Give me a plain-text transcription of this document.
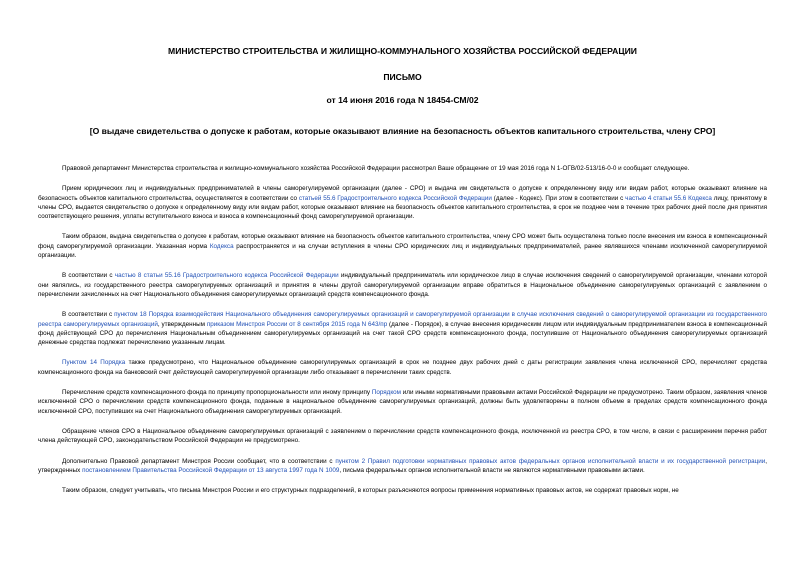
МИНИСТЕРСТВО СТРОИТЕЛЬСТВА И ЖИЛИЩНО-КОММУНАЛЬНОГО ХОЗЯЙСТВА РОССИЙСКОЙ ФЕДЕРАЦИИ
ПИСЬМО
от 14 июня 2016 года N 18454-СМ/02
[О выдаче свидетельства о допуске к работам, которые оказывают влияние на безопасность объектов капитального строительства, члену СРО]

Правовой департамент Министерства строительства и жилищно-коммунального хозяйства Российской Федерации рассмотрел Ваше обращение от 19 мая 2016 года N 1-ОГВ/02-513/16-0-0 и сообщает следующее.

Прием юридических лиц и индивидуальных предпринимателей в члены саморегулируемой организации (далее - СРО) и выдача им свидетельств о допуске к определенному виду или видам работ, которые оказывают влияние на безопасность объектов капитального строительства, осуществляется в соответствии со статьей 55.6 Градостроительного кодекса Российской Федерации (далее - Кодекс). При этом в соответствии с частью 4 статьи 55.6 Кодекса лицу, принятому в члены СРО, выдается свидетельство о допуске к определенному виду или видам работ, которые оказывают влияние на безопасность объектов капитального строительства, в срок не позднее чем в течение трех рабочих дней после дня принятия соответствующего решения, уплаты вступительного взноса и взноса в компенсационный фонд саморегулируемой организации.

Таким образом, выдача свидетельства о допуске к работам, которые оказывают влияние на безопасность объектов капитального строительства, члену СРО может быть осуществлена только после внесения им взноса в компенсационный фонд саморегулируемой организации. Указанная норма Кодекса распространяется и на случаи вступления в члены СРО юридических лиц и индивидуальных предпринимателей, ранее являвшихся членами исключенной саморегулируемой организации.

В соответствии с частью 8 статьи 55.16 Градостроительного кодекса Российской Федерации индивидуальный предприниматель или юридическое лицо в случае исключения сведений о саморегулируемой организации, членами которой они являлись, из государственного реестра саморегулируемых организаций и принятия в члены другой саморегулируемой организации вправе обратиться в Национальное объединение саморегулируемых организаций с заявлением о перечислении зачисленных на счет Национального объединения саморегулируемых организаций средств компенсационного фонда.

В соответствии с пунктом 18 Порядка взаимодействия Национального объединения саморегулируемых организаций и саморегулируемой организации в случае исключения сведений о саморегулируемой организации из государственного реестра саморегулируемых организаций, утвержденным приказом Минстроя России от 8 сентября 2015 года N 643/пр (далее - Порядок), в случае внесения юридическим лицом или индивидуальным предпринимателем взноса в компенсационный фонд действующей СРО до перечисления Национальным объединением саморегулируемых организаций на счет такой СРО средств компенсационного фонда, поступившие от Национального объединения саморегулируемых организаций денежные средства подлежат перечислению указанным лицам.

Пунктом 14 Порядка также предусмотрено, что Национальное объединение саморегулируемых организаций в срок не позднее двух рабочих дней с даты регистрации заявления члена исключенной СРО, перечисляет средства компенсационного фонда на банковский счет действующей саморегулируемой организации либо отказывает в перечислении таких средств.

Перечисление средств компенсационного фонда по принципу пропорциональности или иному принципу Порядком или иными нормативными правовыми актами Российской Федерации не предусмотрено. Таким образом, заявления членов исключенной СРО о перечислении средств компенсационного фонда, поданные в национальное объединение саморегулируемых организаций, должны быть удовлетворены в полном объеме в пределах средств компенсационного фонда исключенной СРО, поступивших на счет Национального объединения саморегулируемых организаций.

Обращение членов СРО в Национальное объединение саморегулируемых организаций с заявлением о перечислении средств компенсационного фонда, исключенной из реестра СРО, в том числе, в связи с расширением перечня работ члена действующей СРО, законодательством Российской Федерации не предусмотрено.

Дополнительно Правовой департамент Минстроя России сообщает, что в соответствии с пунктом 2 Правил подготовки нормативных правовых актов федеральных органов исполнительной власти и их государственной регистрации, утвержденных постановлением Правительства Российской Федерации от 13 августа 1997 года N 1009, письма федеральных органов исполнительной власти не являются нормативными правовыми актами.

Таким образом, следует учитывать, что письма Минстроя России и его структурных подразделений, в которых разъясняются вопросы применения нормативных правовых актов, не содержат правовых норм, не
